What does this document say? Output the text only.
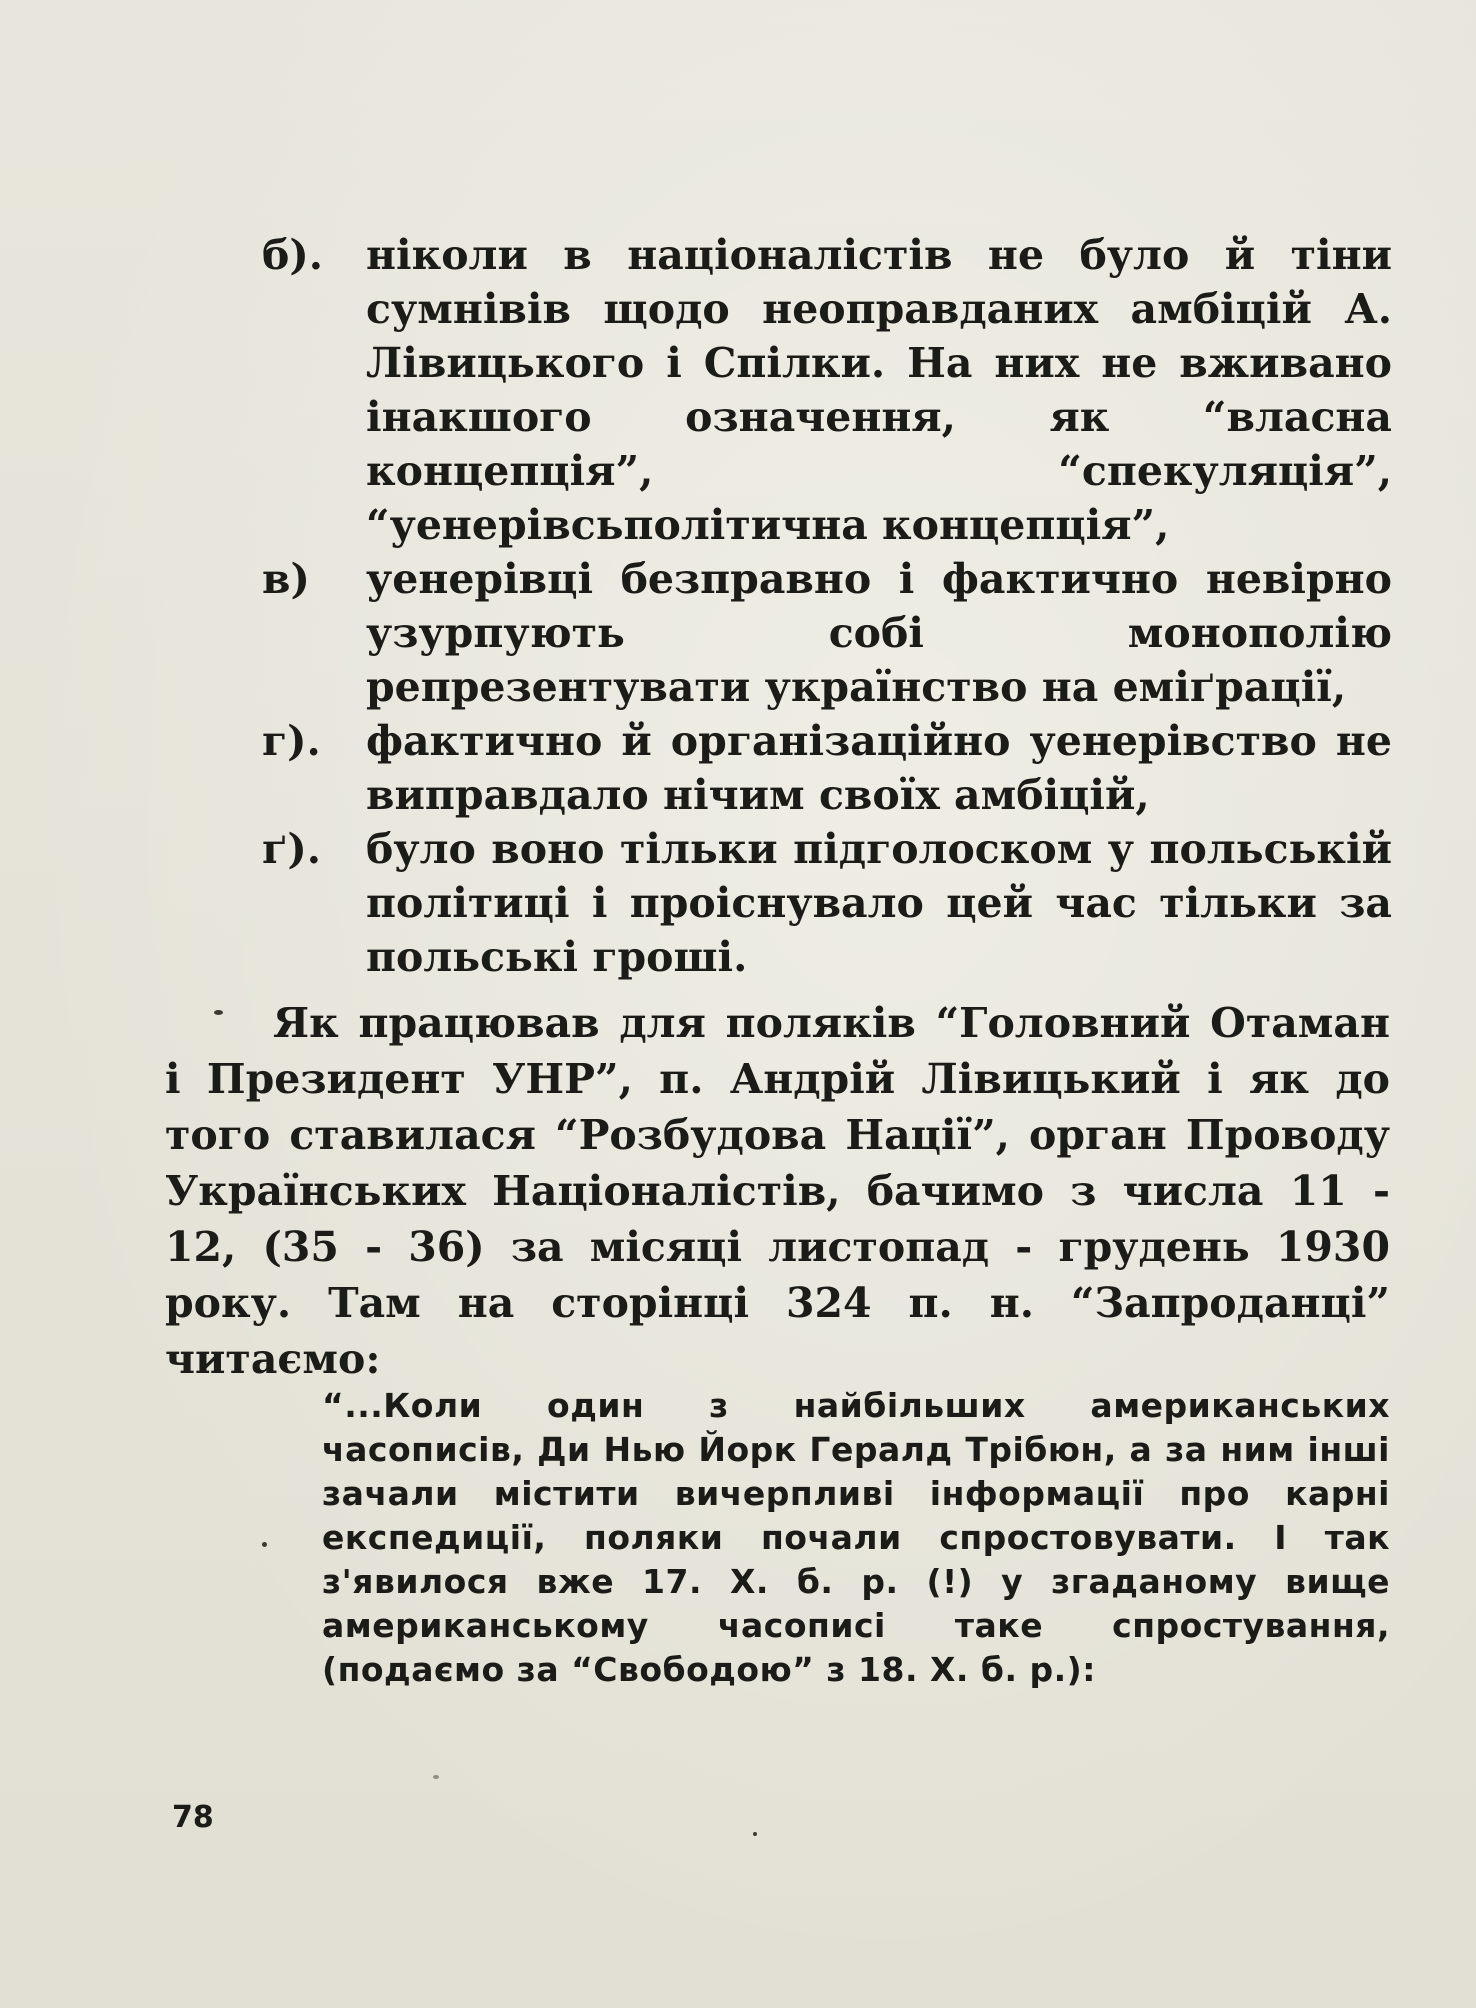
б). ніколи в націоналістів не було й тіни сумнівів щодо неоправданих амбіцій А. Лівицького і Спілки. На них не вживано інакшого означення, як “власна концепція”, “спекуляція”, “уенерівсьполітична концепція”,

в) уенерівці безправно і фактично невірно узурпують собі монополію репрезентувати українство на еміґрації,

г). фактично й організаційно уенерівство не виправдало нічим своїх амбіцій,

ґ). було воно тільки підголоском у польській політиці і проіснувало цей час тільки за польські гроші.

Як працював для поляків “Головний Отаман і Президент УНР”, п. Андрій Лівицький і як до того ставилася “Розбудова Нації”, орган Проводу Українських Націоналістів, бачимо з числа 11 - 12, (35 - 36) за місяці листопад - грудень 1930 року. Там на сторінці 324 п. н. “Запроданці” читаємо:

“...Коли один з найбільших американських часописів, Ди Нью Йорк Гералд Трібюн, а за ним інші зачали містити вичерпливі інформації про карні експедиції, поляки почали спростовувати. І так з'явилося вже 17. Х. б. р. (!) у згаданому вище американському часописі таке спростування, (подаємо за “Свободою” з 18. Х. б. р.):

78
